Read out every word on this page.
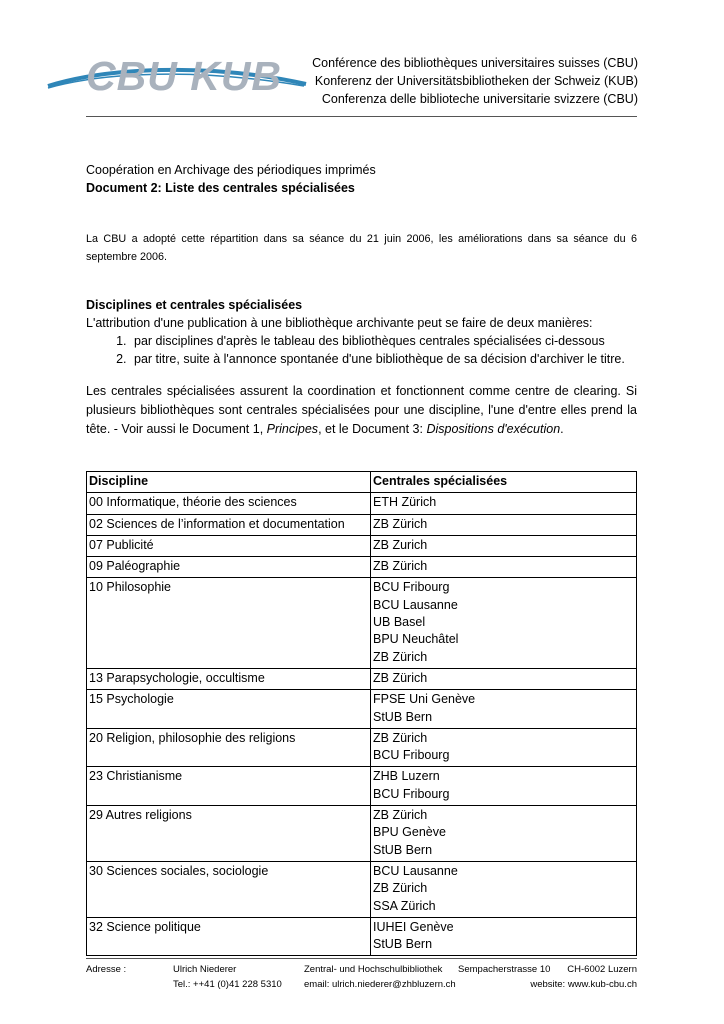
CBU KUB Conférence des bibliothèques universitaires suisses (CBU)
Konferenz der Universitätsbibliotheken der Schweiz (KUB)
Conferenza delle biblioteche universitarie svizzere (CBU)
Coopération en Archivage des périodiques imprimés
Document 2: Liste des centrales spécialisées
La CBU a adopté cette répartition dans sa séance du 21 juin 2006, les améliorations dans sa séance du 6 septembre 2006.
Disciplines et centrales spécialisées
L'attribution d'une publication à une bibliothèque archivante peut se faire de deux manières:
1. par disciplines d'après le tableau des bibliothèques centrales spécialisées ci-dessous
2. par titre, suite à l'annonce spontanée d'une bibliothèque de sa décision d'archiver le titre.
Les centrales spécialisées assurent la coordination et fonctionnent comme centre de clearing. Si plusieurs bibliothèques sont centrales spécialisées pour une discipline, l'une d'entre elles prend la tête. - Voir aussi le Document 1, Principes, et le Document 3: Dispositions d'exécution.
Discipline	Centrales spécialisées
00 Informatique, théorie des sciences	ETH Zürich

02 Sciences de l’information et documentation	ZB Zürich

07 Publicité	ZB Zurich

09 Paléographie	ZB Zürich

10 Philosophie	BCU Fribourg
BCU Lausanne
UB Basel
BPU Neuchâtel
ZB Zürich

13 Parapsychologie, occultisme	ZB Zürich

15 Psychologie	FPSE Uni Genève
StUB Bern

20 Religion, philosophie des religions	ZB Zürich
BCU Fribourg

23 Christianisme	ZHB Luzern
BCU Fribourg

29 Autres religions	ZB Zürich
BPU Genève
StUB Bern

30 Sciences sociales, sociologie	BCU Lausanne
ZB Zürich
SSA Zürich

32 Science politique	IUHEI Genève
StUB Bern
Adresse :	Ulrich Niederer	Zentral- und Hochschulbibliothek Sempacherstrasse 10 CH-6002 Luzern
Tel.: ++41 (0)41 228 5310 email: ulrich.niederer@zhbluzern.ch	website: www.kub-cbu.ch
